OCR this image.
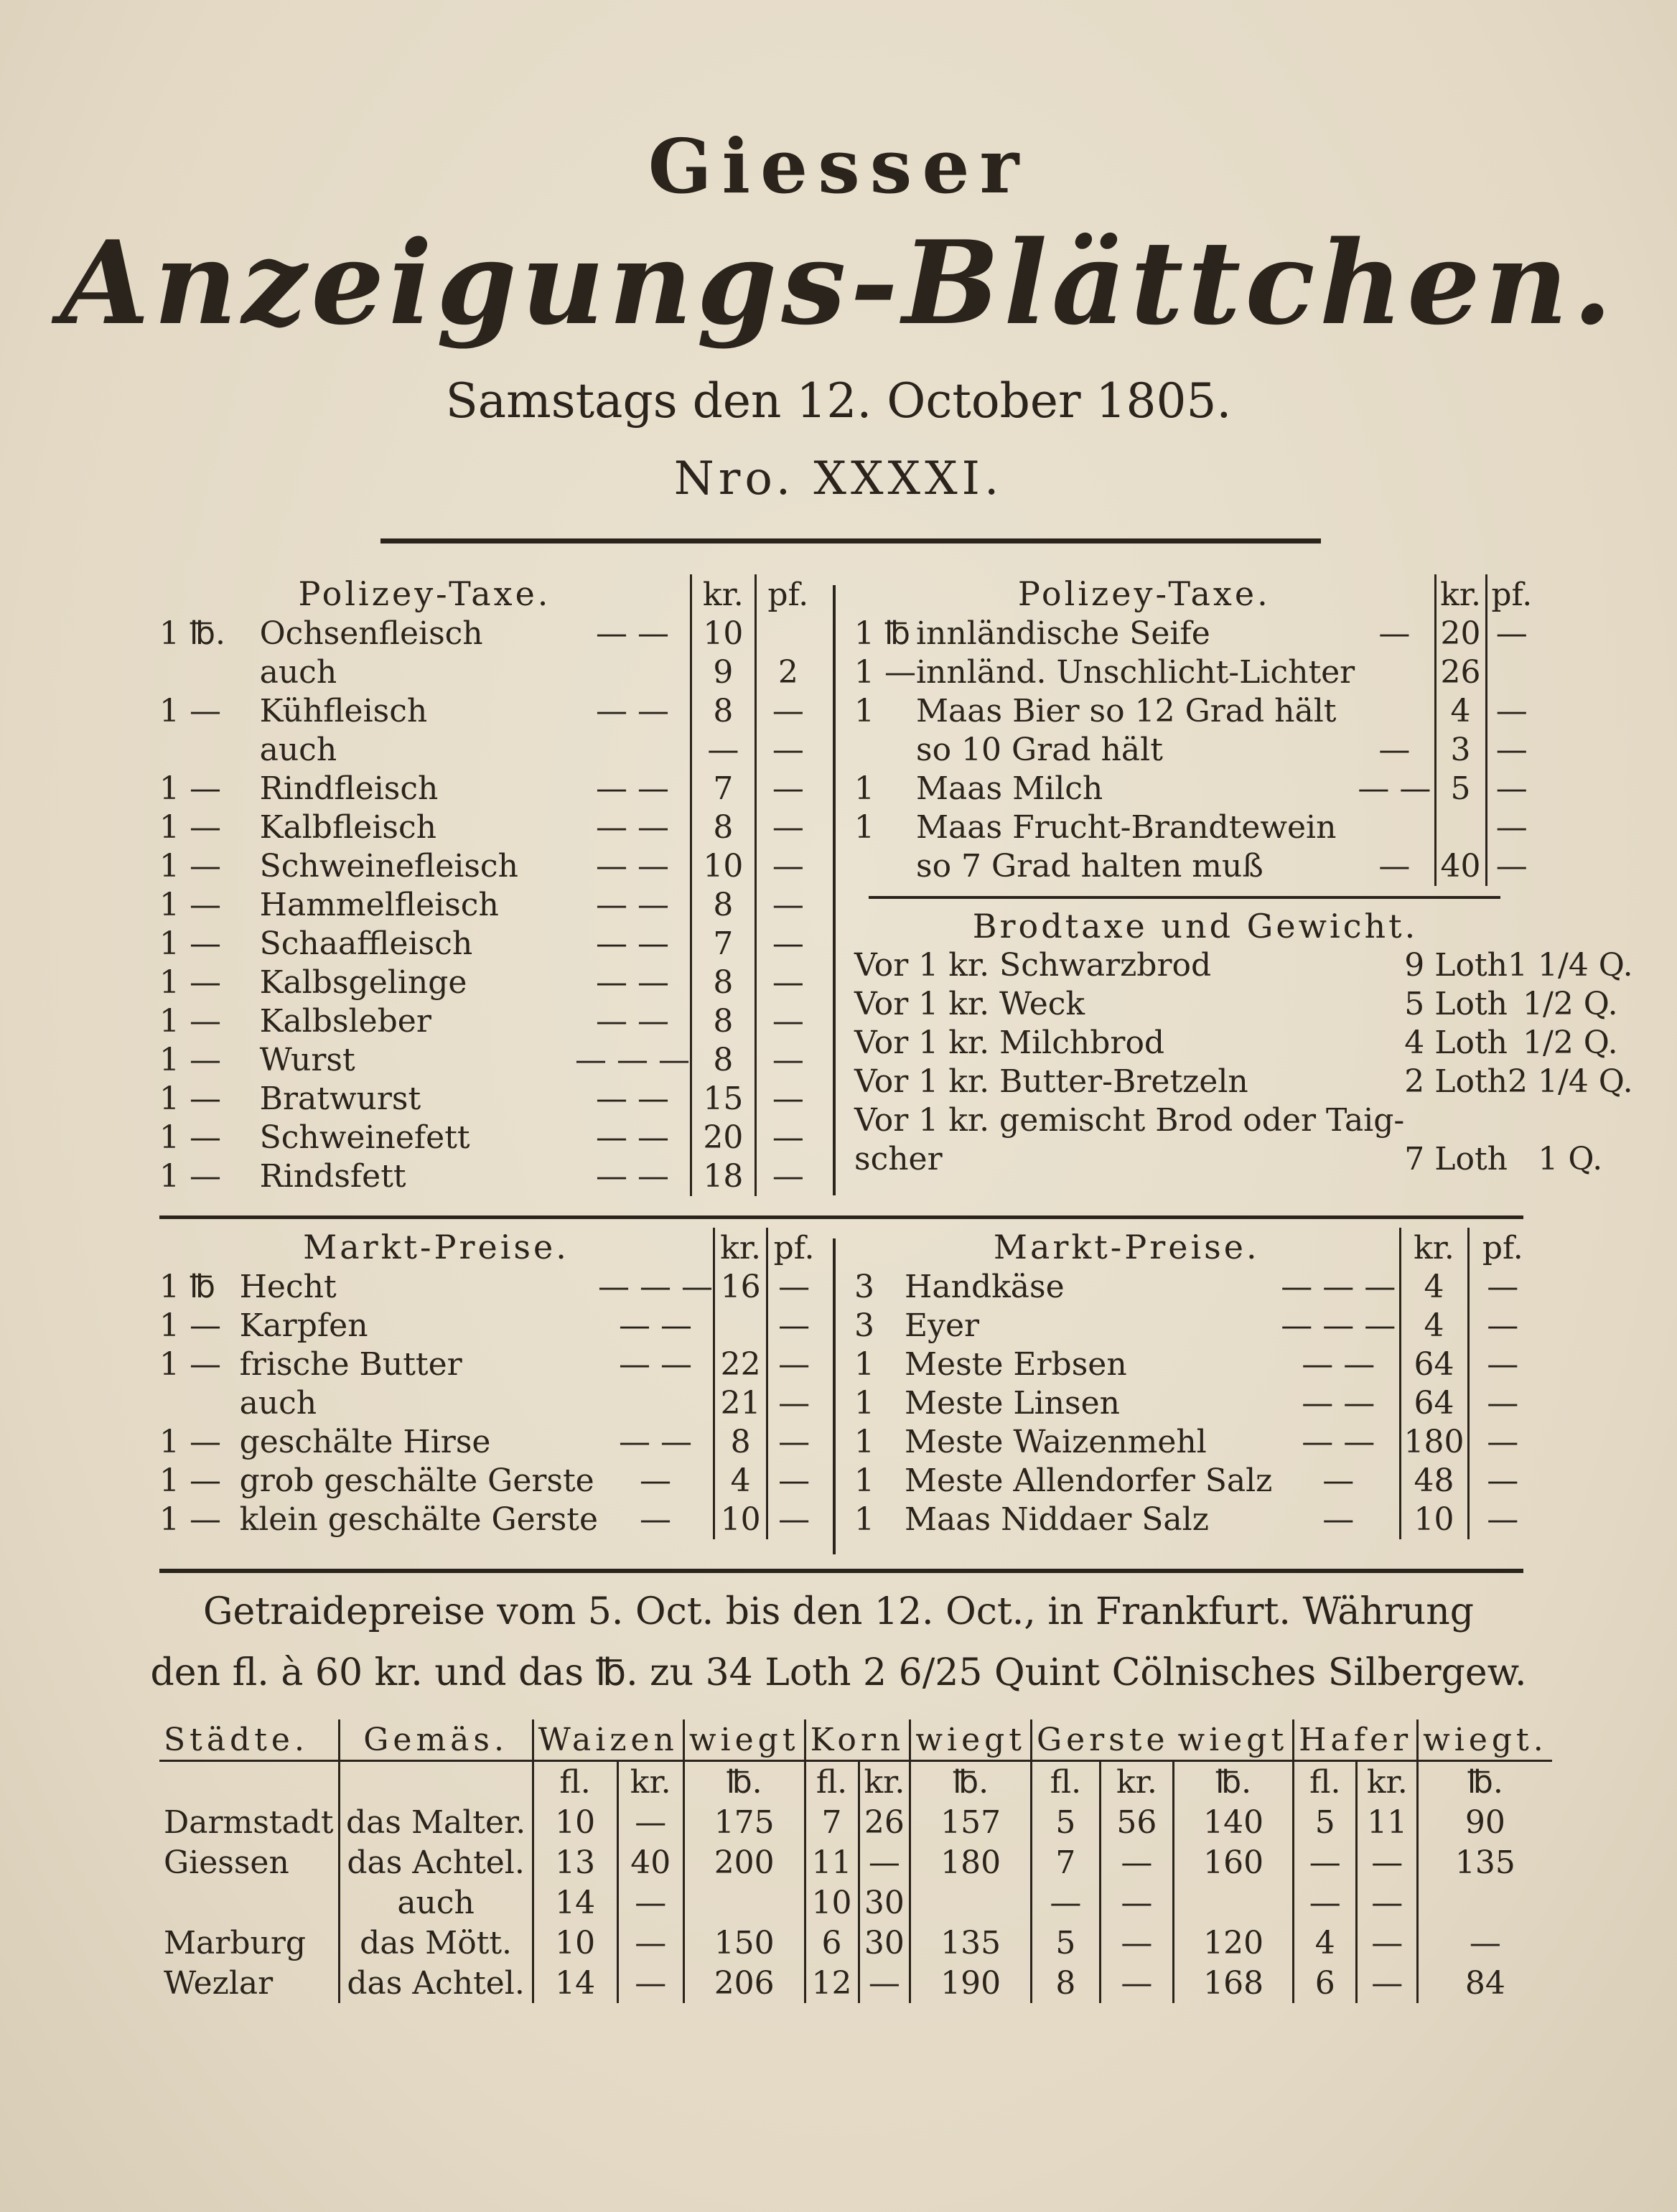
Giesser
Anzeigungs-Blättchen.
Samstags den 12. October 1805.
Nro. XXXXI.
Polizey-Taxe.			kr.	pf.
1 ℔.	Ochsenfleisch	— —	10	
	auch		9	2
1 —	Kühfleisch	— —	8	—
	auch		—	—
1 —	Rindfleisch	— —	7	—
1 —	Kalbfleisch	— —	8	—
1 —	Schweinefleisch	— —	10	—
1 —	Hammelfleisch	— —	8	—
1 —	Schaaffleisch	— —	7	—
1 —	Kalbsgelinge	— —	8	—
1 —	Kalbsleber	— —	8	—
1 —	Wurst	— — —	8	—
1 —	Bratwurst	— —	15	—
1 —	Schweinefett	— —	20	—
1 —	Rindsfett	— —	18	—
Polizey-Taxe.			kr.	pf.
1 ℔	innländische Seife	—	20	—
1 —	innländ. Unschlicht-Lichter		26	
1	Maas Bier so 12 Grad hält		4	—
	so 10 Grad hält	—	3	—
1	Maas Milch	— —	5	—
1	Maas Frucht-Brandtewein			—
	so 7 Grad halten muß	—	40	—
Brodtaxe und Gewicht.
Vor 1 kr. Schwarzbrod	9 Loth	1 1/4 Q.
Vor 1 kr. Weck	5 Loth	1/2 Q.
Vor 1 kr. Milchbrod	4 Loth	1/2 Q.
Vor 1 kr. Butter-Bretzeln	2 Loth	2 1/4 Q.
Vor 1 kr. gemischt Brod oder Taig-		
scher	7 Loth	1 Q.
Markt-Preise.			kr.	pf.
1 ℔	Hecht	— — —	16	—
1 —	Karpfen	— —		—
1 —	frische Butter	— —	22	—
	auch		21	—
1 —	geschälte Hirse	— —	8	—
1 —	grob geschälte Gerste	—	4	—
1 —	klein geschälte Gerste	—	10	—
Markt-Preise.			kr.	pf.
3	Handkäse	— — —	4	—
3	Eyer	— — —	4	—
1	Meste Erbsen	— —	64	—
1	Meste Linsen	— —	64	—
1	Meste Waizenmehl	— —	180	—
1	Meste Allendorfer Salz	—	48	—
1	Maas Niddaer Salz	—	10	—
Getraidepreise vom 5. Oct. bis den 12. Oct., in Frankfurt. Währung
den fl. à 60 kr. und das ℔. zu 34 Loth 2 6/25 Quint Cölnisches Silbergew.
Städte.	Gemäs.	Waizen		wiegt	Korn		wiegt	Gerste		wiegt	Hafer		wiegt.
		fl.	kr.	℔.	fl.	kr.	℔.	fl.	kr.	℔.	fl.	kr.	℔.
Darmstadt	das Malter.	10	—	175	7	26	157	5	56	140	5	11	90
Giessen	das Achtel.	13	40	200	11	—	180	7	—	160	—	—	135
	auch	14	—		10	30		—	—		—	—	
Marburg	das Mött.	10	—	150	6	30	135	5	—	120	4	—	—
Wezlar	das Achtel.	14	—	206	12	—	190	8	—	168	6	—	84
